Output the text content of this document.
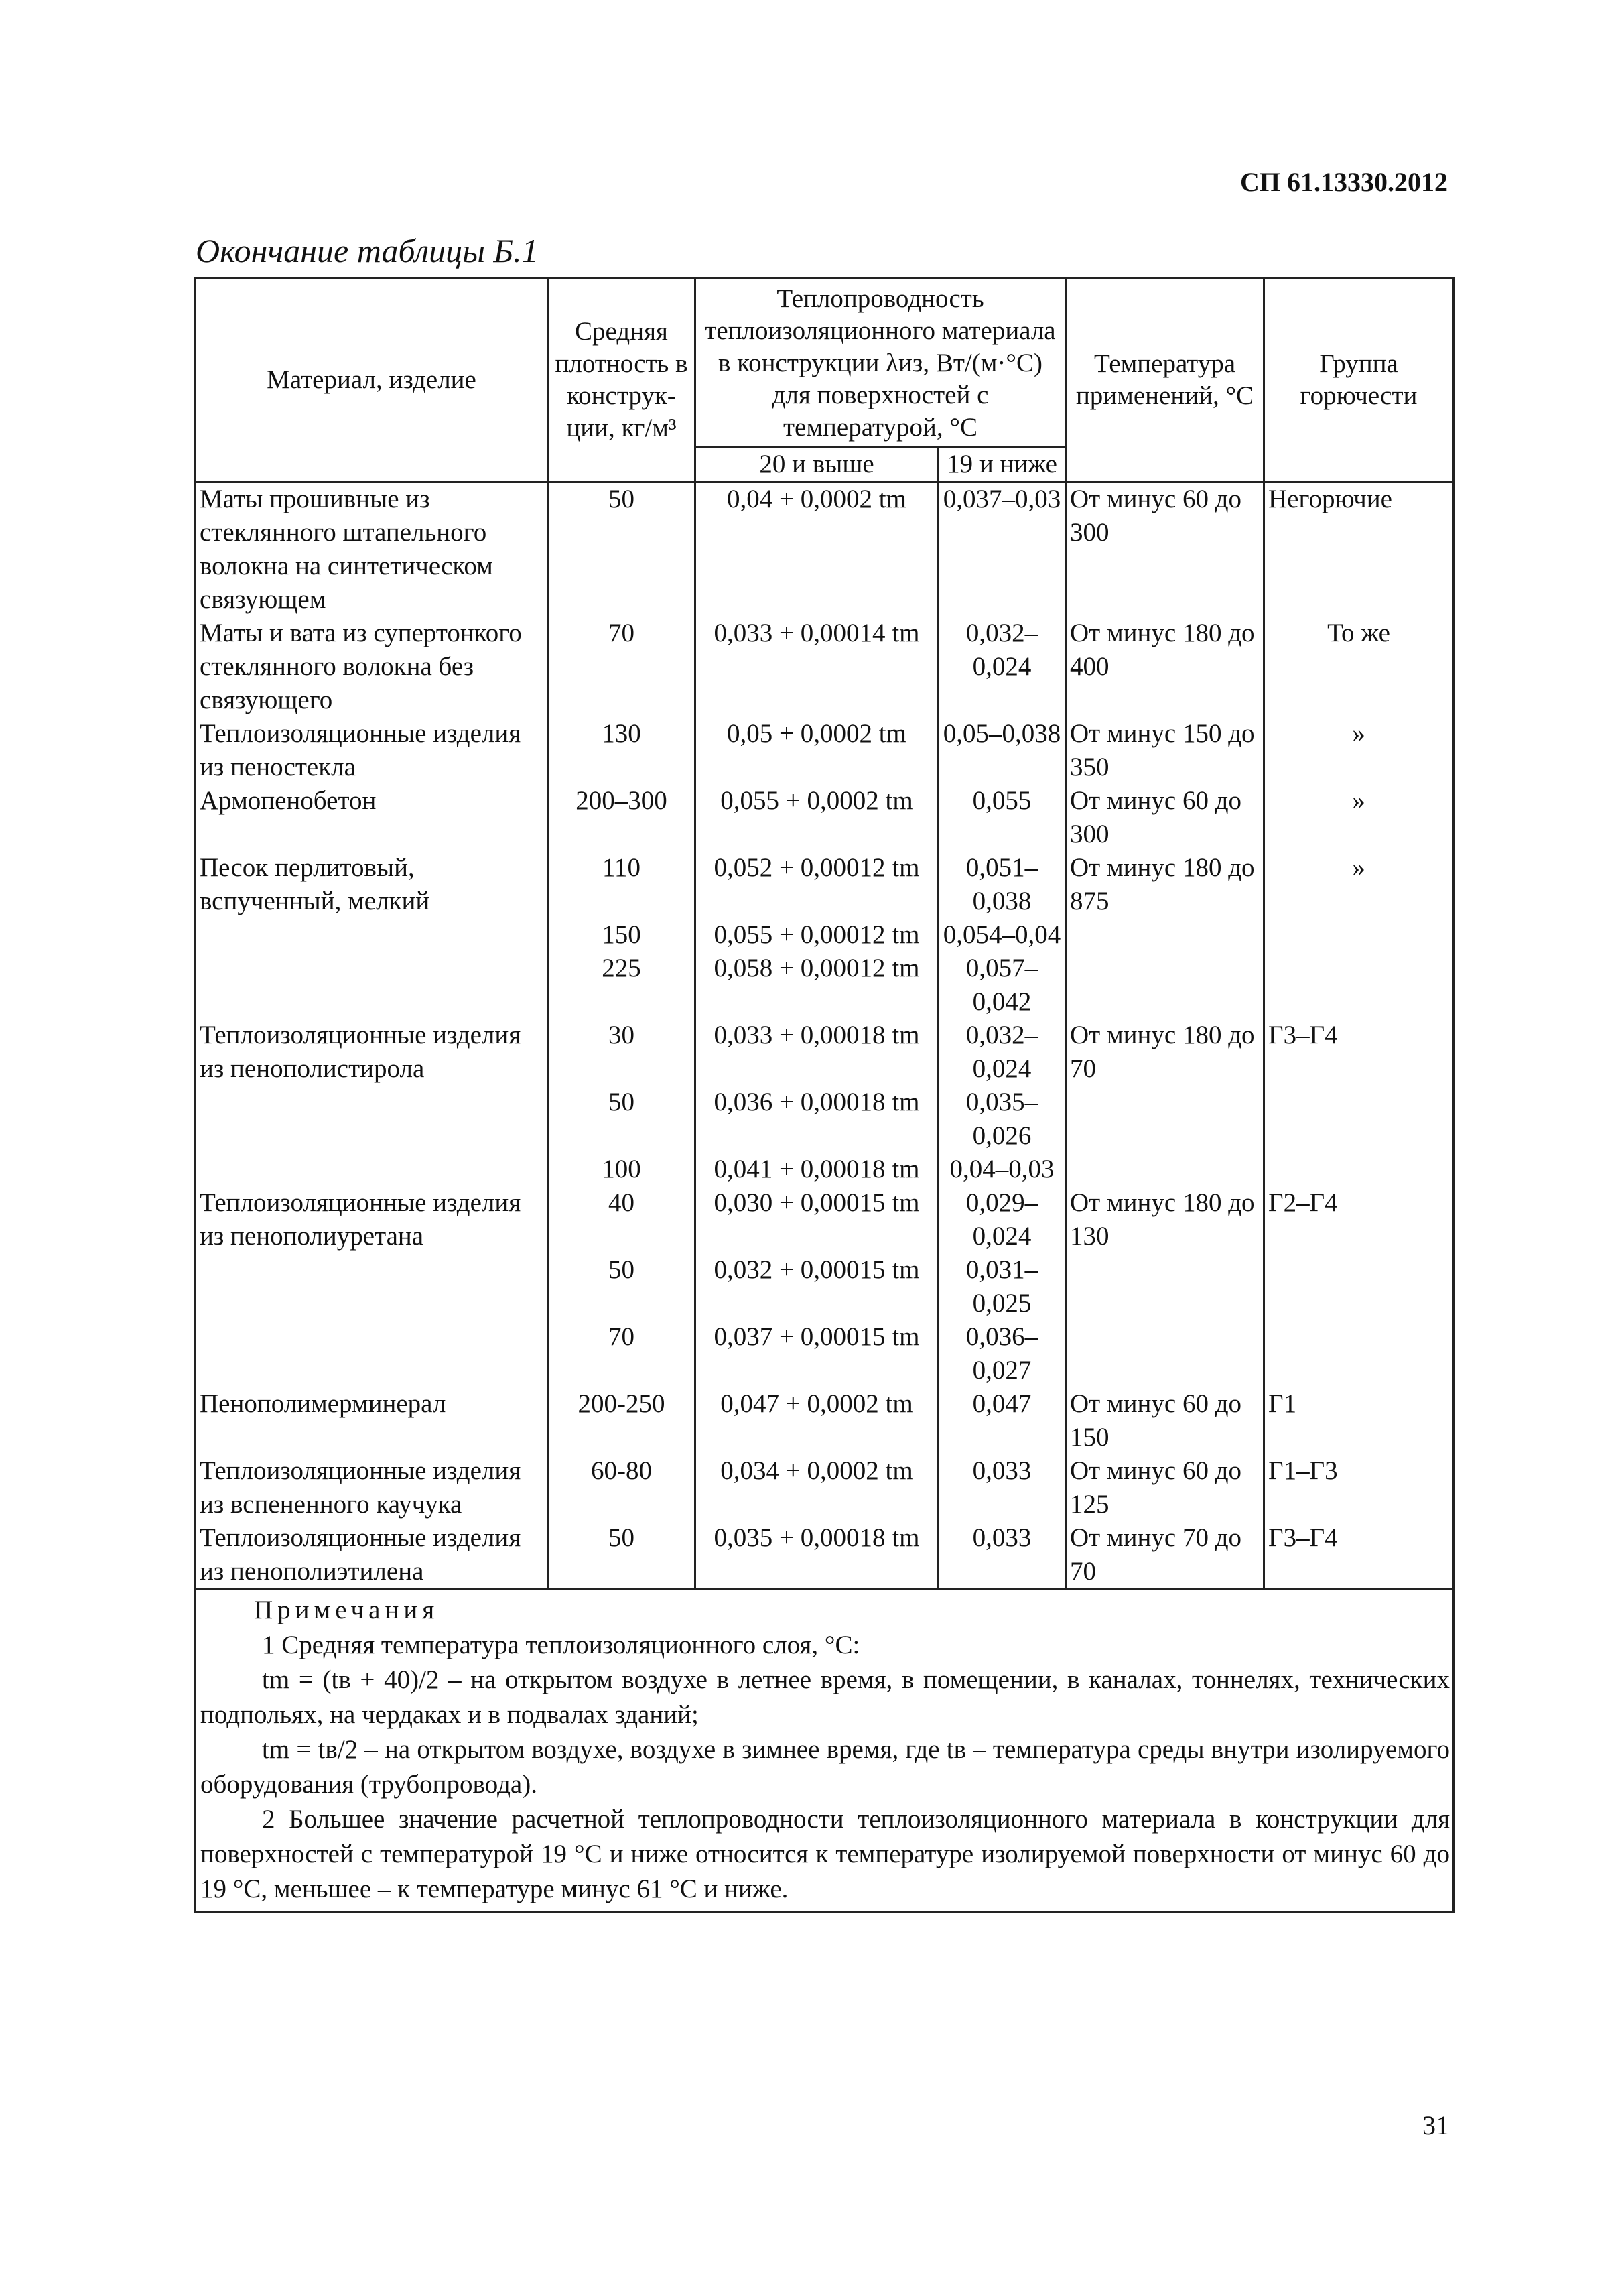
СП 61.13330.2012
Окончание таблицы Б.1
Материал, изделие	Средняя плотность в конструк-ции, кг/м³	Теплопроводность теплоизоляционного материала в конструкции λиз, Вт/(м·°С) для поверхностей с температурой, °С		Температура применений, °С	Группа горючести
		20 и выше	19 и ниже		
Маты прошивные из стеклянного штапельного волокна на синтетическом связующем	50	0,04 + 0,0002 tm	0,037–0,03	От минус 60 до 300	Негорючие
Маты и вата из супертонкого стеклянного волокна без связующего	70	0,033 + 0,00014 tm	0,032–0,024	От минус 180 до 400	То же
Теплоизоляционные изделия из пеностекла	130	0,05 + 0,0002 tm	0,05–0,038	От минус 150 до 350	»
Армопенобетон	200–300	0,055 + 0,0002 tm	0,055	От минус 60 до 300	»
Песок перлитовый, вспученный, мелкий	110	0,052 + 0,00012 tm	0,051–0,038	От минус 180 до 875	»
	150	0,055 + 0,00012 tm	0,054–0,04		
	225	0,058 + 0,00012 tm	0,057–0,042		
Теплоизоляционные изделия из пенополистирола	30	0,033 + 0,00018 tm	0,032–0,024	От минус 180 до 70	Г3–Г4
	50	0,036 + 0,00018 tm	0,035–0,026		
	100	0,041 + 0,00018 tm	0,04–0,03		
Теплоизоляционные изделия из пенополиуретана	40	0,030 + 0,00015 tm	0,029–0,024	От минус 180 до 130	Г2–Г4
	50	0,032 + 0,00015 tm	0,031–0,025		
	70	0,037 + 0,00015 tm	0,036–0,027		
Пенополимерминерал	200-250	0,047 + 0,0002 tm	0,047	От минус 60 до 150	Г1
Теплоизоляционные изделия из вспененного каучука	60-80	0,034 + 0,0002 tm	0,033	От минус 60 до 125	Г1–Г3
Теплоизоляционные изделия из пенополиэтилена	50	0,035 + 0,00018 tm	0,033	От минус 70 до 70	Г3–Г4

Примечания

1 Средняя температура теплоизоляционного слоя, °С:

tm = (tв + 40)/2 – на открытом воздухе в летнее время, в помещении, в каналах, тоннелях, технических подпольях, на чердаках и в подвалах зданий;

tm = tв/2 – на открытом воздухе, воздухе в зимнее время, где tв – температура среды внутри изолируемого оборудования (трубопровода).

2 Большее значение расчетной теплопроводности теплоизоляционного материала в конструкции для поверхностей с температурой 19 °С и ниже относится к температуре изолируемой поверхности от минус 60 до 19 °С, меньшее – к температуре минус 61 °С и ниже.					

31
